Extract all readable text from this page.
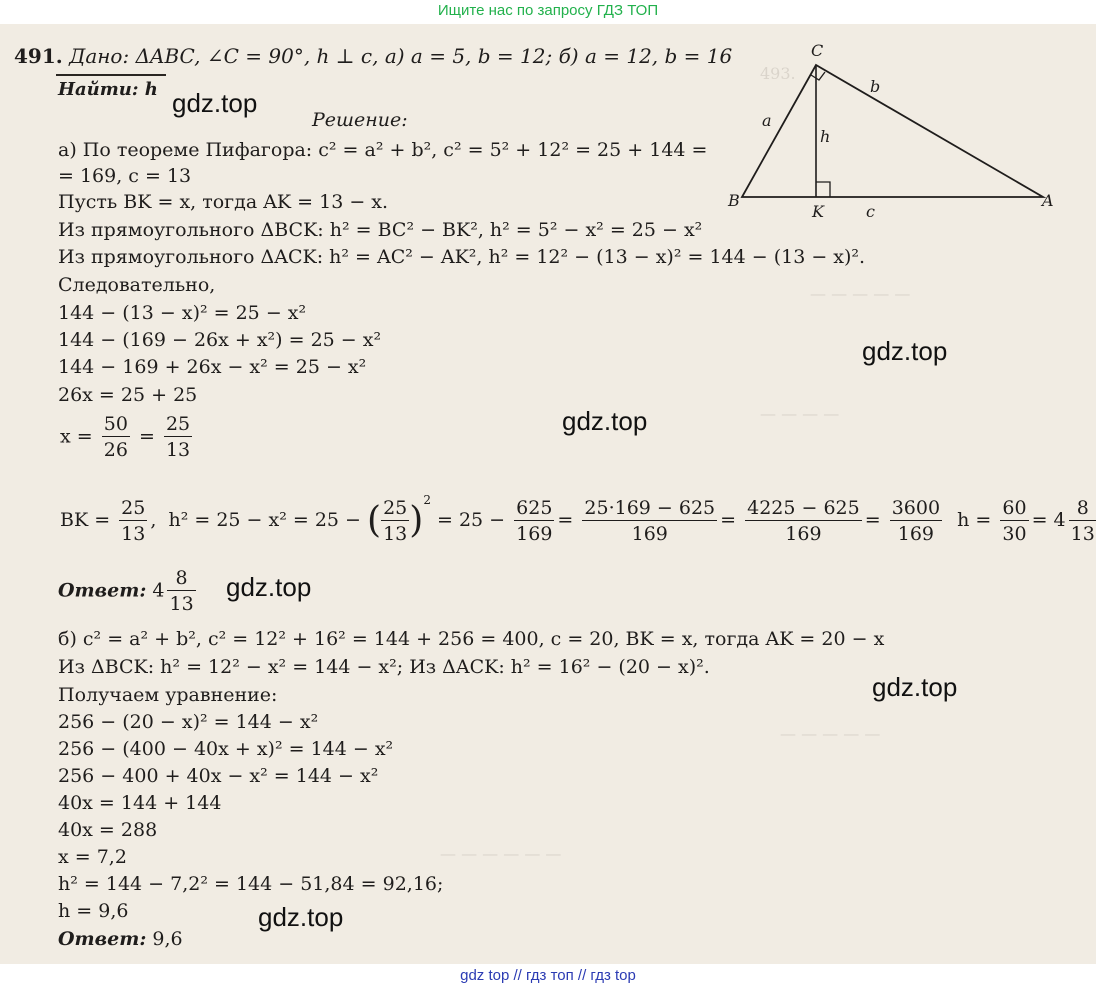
Ищите нас по запросу ГДЗ ТОП
493.
— — — — —
— — — —
— — — — —
— — — — — —
491. Дано: ΔABC, ∠C = 90°, h ⊥ c, а) a = 5, b = 12; б) a = 12, b = 16
Найти: h
Решение:
C
B	A
K
a
b
c
h
а) По теореме Пифагора: c² = a² + b², c² = 5² + 12² = 25 + 144 =
= 169, c = 13
Пусть BK = x, тогда AK = 13 − x.
Из прямоугольного ΔBCK: h² = BC² − BK², h² = 5² − x² = 25 − x²
Из прямоугольного ΔACK: h² = AC² − AK², h² = 12² − (13 − x)² = 144 − (13 − x)².
Следовательно,
144 − (13 − x)² = 25 − x²
144 − (169 − 26x + x²) = 25 − x²
144 − 169 + 26x − x² = 25 − x²
26x = 25 + 25
$x = \frac{50}{26} = \frac{25}{13}$
BK = $\frac{25}{13}$ ,  h² = 25 − x² = 25 − ( $\frac{25}{13} )^2 = 25 - \frac{625}{169} = \frac{25\cdot 169 - 625}{169} = \frac{4225 - 625}{169} = \frac{3600}{169}$ $h = \frac{60}{30} = 4 \frac{8}{13}$
Ответ: $4 \frac{8}{13}$
б) c² = a² + b², c² = 12² + 16² = 144 + 256 = 400, c = 20, BK = x, тогда AK = 20 − x
Из ΔBCK: h² = 12² − x² = 144 − x²; Из ΔACK: h² = 16² − (20 − x)².
Получаем уравнение:
256 − (20 − x)² = 144 − x²
256 − (400 − 40x + x)² = 144 − x²
256 − 400 + 40x − x² = 144 − x²
40x = 144 + 144
40x = 288
x = 7,2
h² = 144 − 7,2² = 144 − 51,84 = 92,16;
h = 9,6
Ответ: 9,6
gdz.top
gdz.top
gdz.top
gdz.top
gdz.top
gdz.top
gdz top // гдз топ // гдз top
